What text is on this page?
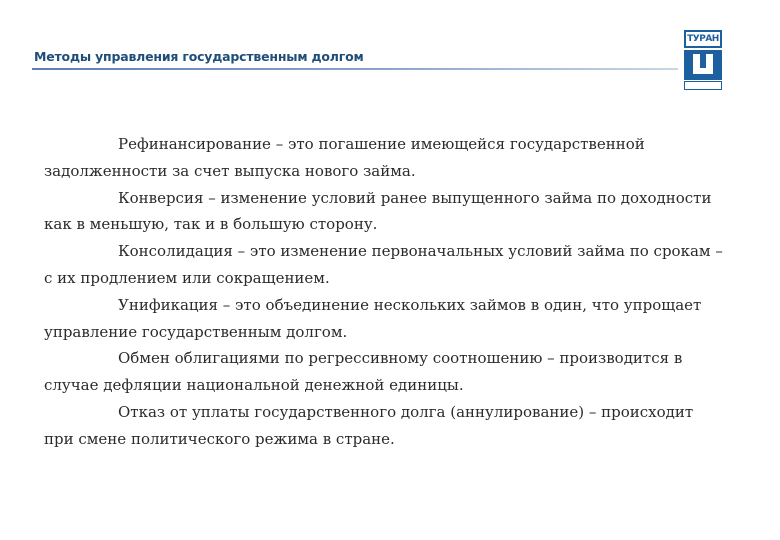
Методы управления государственным долгом
ТУРАН

Рефинансирование – это погашение имеющейся государственной задолженности за счет выпуска нового займа.

Конверсия – изменение условий ранее выпущенного займа по доходности как в меньшую, так и в большую сторону.

Консолидация – это изменение первоначальных условий займа по срокам – с их продлением или сокращением.

Унификация – это объединение нескольких займов в один, что упрощает управление государственным долгом.

Обмен облигациями по регрессивному соотношению – производится в случае дефляции национальной денежной единицы.

Отказ от уплаты государственного долга (аннулирование) – происходит при смене политического режима в стране.
